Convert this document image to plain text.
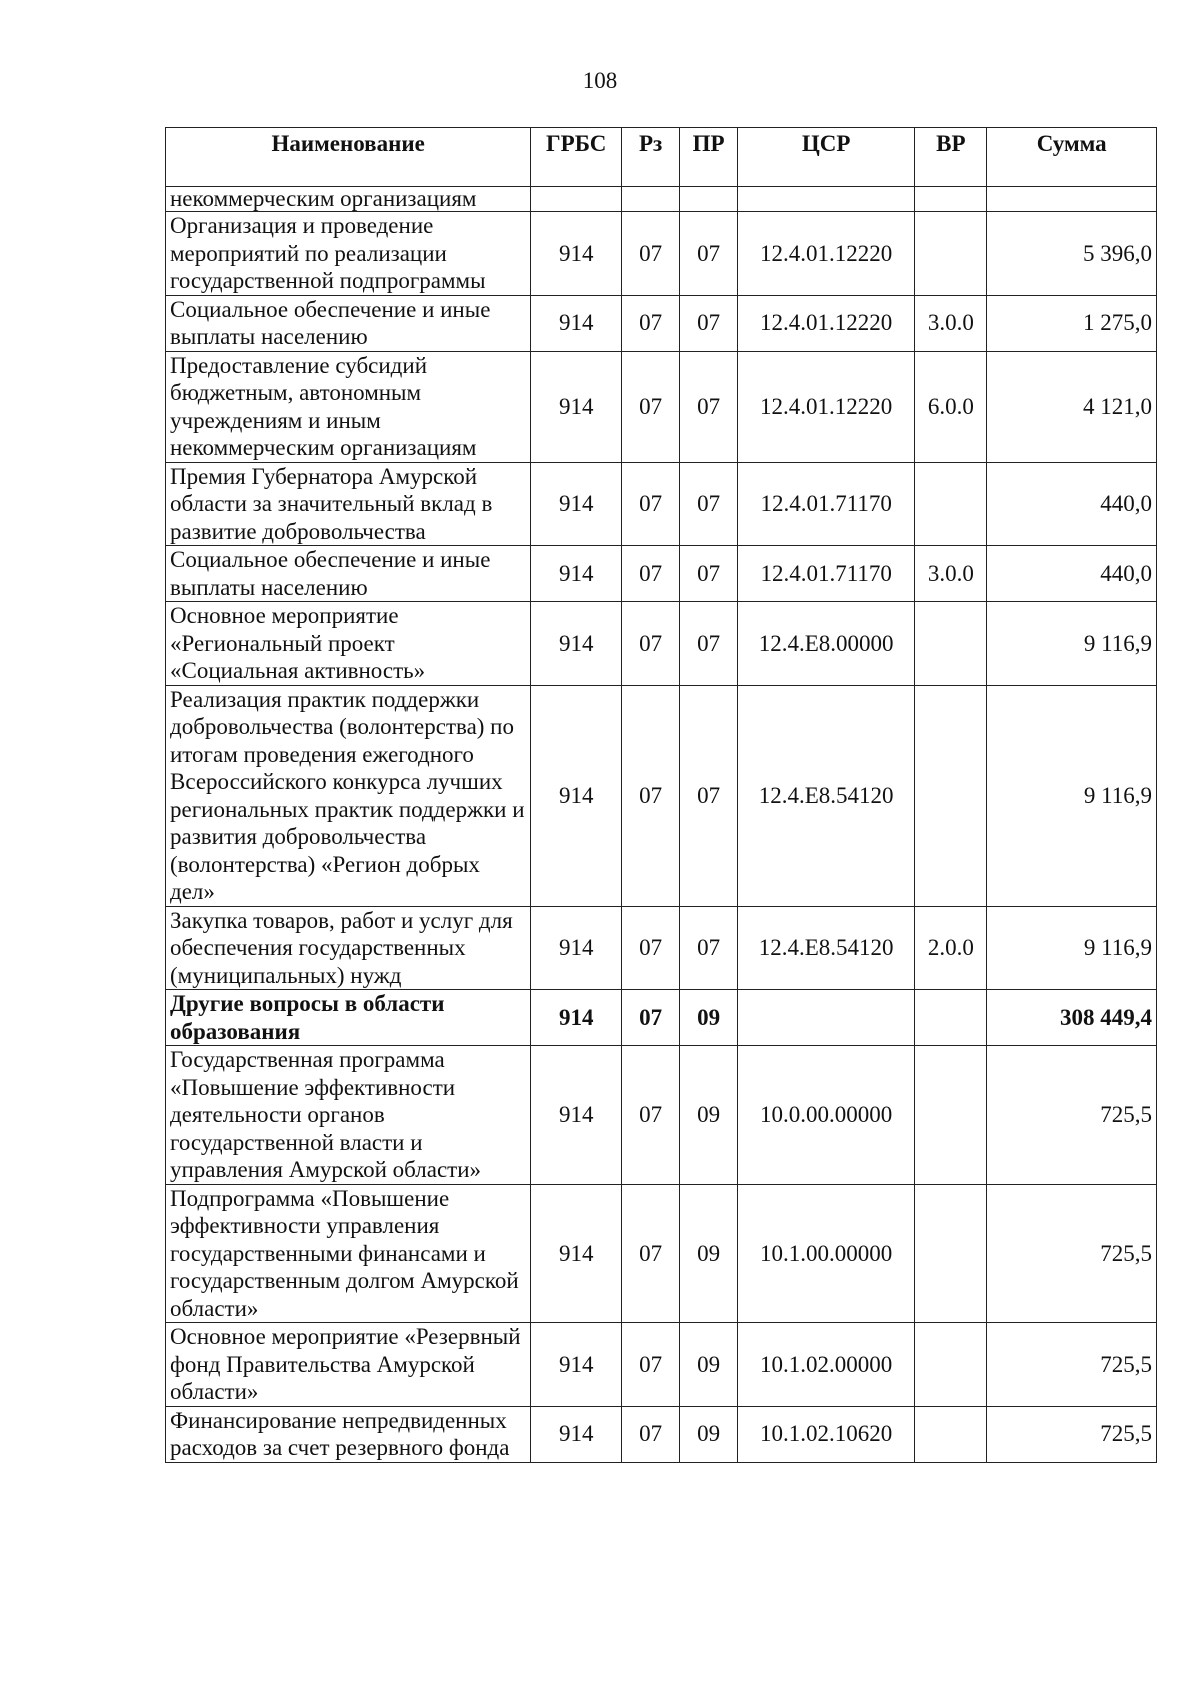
108
Наименование	ГРБС	Рз	ПР	ЦСР	ВР	Сумма
некоммерческим организациям						
Организация и проведение мероприятий по реализации государственной подпрограммы	914	07	07	12.4.01.12220		5 396,0
Социальное обеспечение и иные выплаты населению	914	07	07	12.4.01.12220	3.0.0	1 275,0
Предоставление субсидий бюджетным, автономным учреждениям и иным некоммерческим организациям	914	07	07	12.4.01.12220	6.0.0	4 121,0
Премия Губернатора Амурской области за значительный вклад в развитие добровольчества	914	07	07	12.4.01.71170		440,0
Социальное обеспечение и иные выплаты населению	914	07	07	12.4.01.71170	3.0.0	440,0
Основное мероприятие «Региональный проект «Социальная активность»	914	07	07	12.4.E8.00000		9 116,9
Реализация практик поддержки добровольчества (волонтерства) по итогам проведения ежегодного Всероссийского конкурса лучших региональных практик поддержки и развития добровольчества (волонтерства) «Регион добрых дел»	914	07	07	12.4.E8.54120		9 116,9
Закупка товаров, работ и услуг для обеспечения государственных (муниципальных) нужд	914	07	07	12.4.E8.54120	2.0.0	9 116,9
Другие вопросы в области образования	914	07	09			308 449,4
Государственная программа «Повышение эффективности деятельности органов государственной власти и управления Амурской области»	914	07	09	10.0.00.00000		725,5
Подпрограмма «Повышение эффективности управления государственными финансами и государственным долгом Амурской области»	914	07	09	10.1.00.00000		725,5
Основное мероприятие «Резервный фонд Правительства Амурской области»	914	07	09	10.1.02.00000		725,5
Финансирование непредвиденных расходов за счет резервного фонда	914	07	09	10.1.02.10620		725,5
